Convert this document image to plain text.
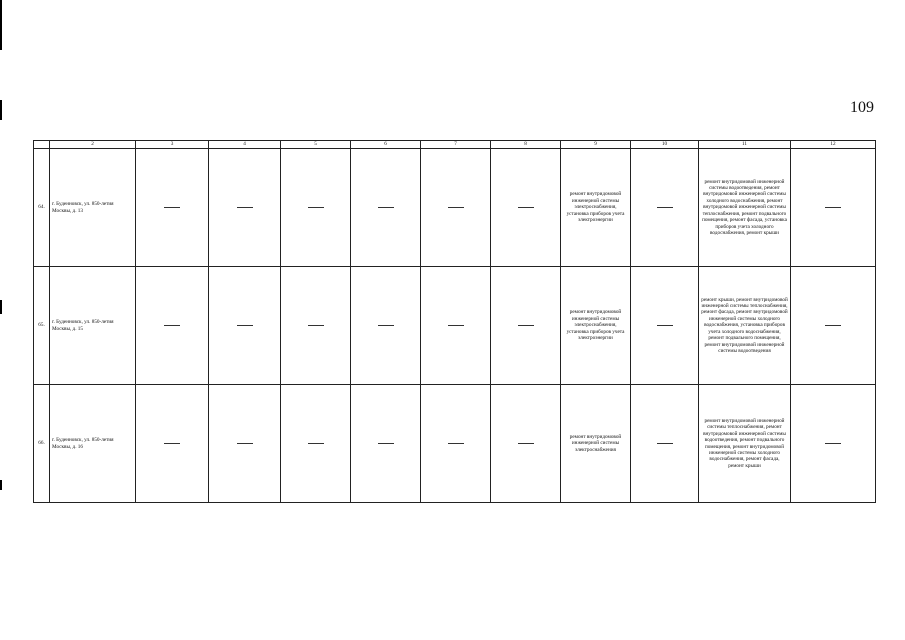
109
	2	3	4	5	6	7	8	9	10	11	12
64.	г. Буденновск, ул. 850-летия Москвы, д. 13							ремонт внутридомовой инженерной системы электроснабжения, установка приборов учета электроэнергии		ремонт внутридомовой инженерной системы водоотведения, ремонт внутридомовой инженерной системы холодного водоснабжения, ремонт внутридомовой инженерной системы теплоснабжения, ремонт подвального помещения, ремонт фасада, установка приборов учета холодного водоснабжения, ремонт крыши	
65.	г. Буденновск, ул. 850-летия Москвы, д. 15							ремонт внутридомовой инженерной системы электроснабжения, установка приборов учета электроэнергии		ремонт крыши, ремонт внутридомовой инженерной системы теплоснабжения, ремонт фасада, ремонт внутридомовой инженерной системы холодного водоснабжения, установка приборов учета холодного водоснабжения, ремонт подвального помещения, ремонт внутридомовой инженерной системы водоотведения	
66.	г. Буденновск, ул. 850-летия Москвы, д. 16							ремонт внутридомовой инженерной системы электроснабжения		ремонт внутридомовой инженерной системы теплоснабжения, ремонт внутридомовой инженерной системы водоотведения, ремонт подвального помещения, ремонт внутридомовой инженерной системы холодного водоснабжения, ремонт фасада, ремонт крыши	
